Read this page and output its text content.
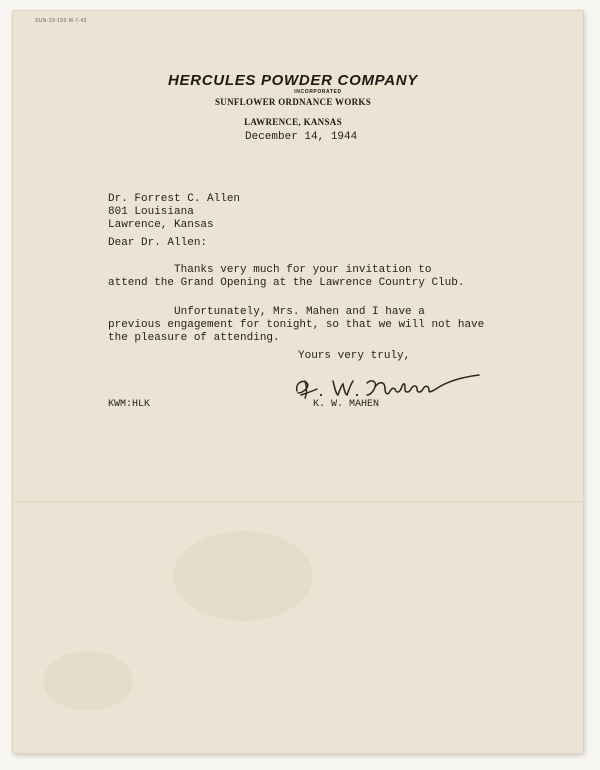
SUN-33-150 M-7-43
HERCULES POWDER COMPANY
INCORPORATED
SUNFLOWER ORDNANCE WORKS
LAWRENCE, KANSAS
December 14, 1944
Dr. Forrest C. Allen
801 Louisiana
Lawrence, Kansas
Dear Dr. Allen:
Thanks very much for your invitation to
attend the Grand Opening at the Lawrence Country Club.
Unfortunately, Mrs. Mahen and I have a
previous engagement for tonight, so that we will not have
the pleasure of attending.
Yours very truly,
KWM:HLK	K. W. MAHEN
